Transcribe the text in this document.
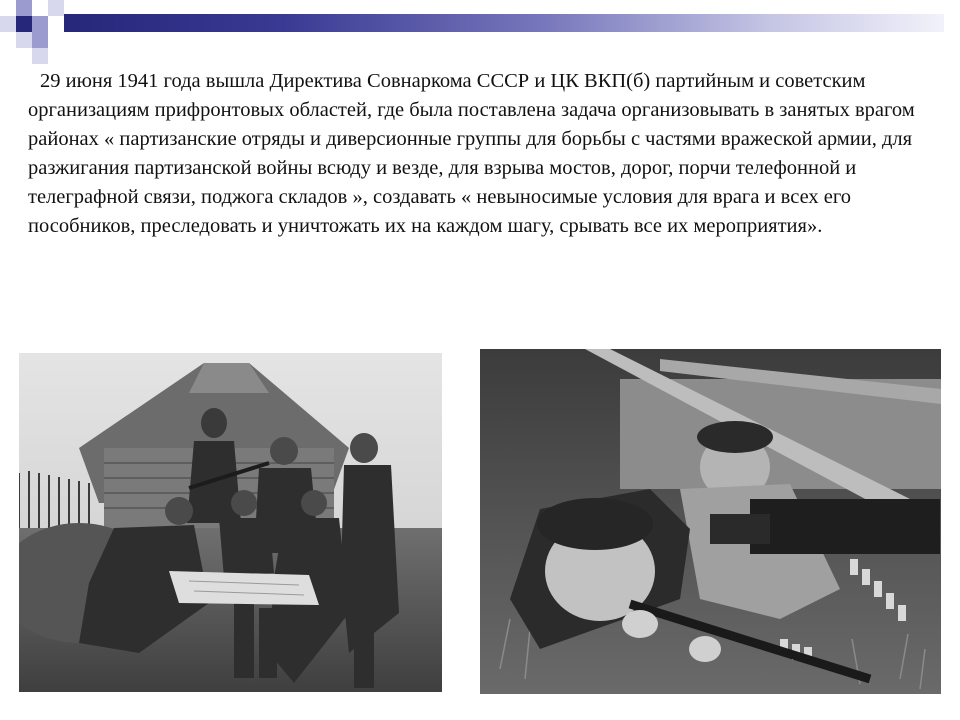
29 июня 1941 года вышла Директива Совнаркома СССР и ЦК ВКП(б) партийным и советским организациям прифронтовых областей, где была поставлена задача организовывать в занятых врагом районах « партизанские отряды и диверсионные группы для борьбы с частями вражеской армии, для разжигания партизанской войны всюду и везде, для взрыва мостов, дорог, порчи телефонной и телеграфной связи, поджога складов », создавать « невыносимые условия для врага и всех его пособников, преследовать и уничтожать их на каждом шагу, срывать все их мероприятия».
